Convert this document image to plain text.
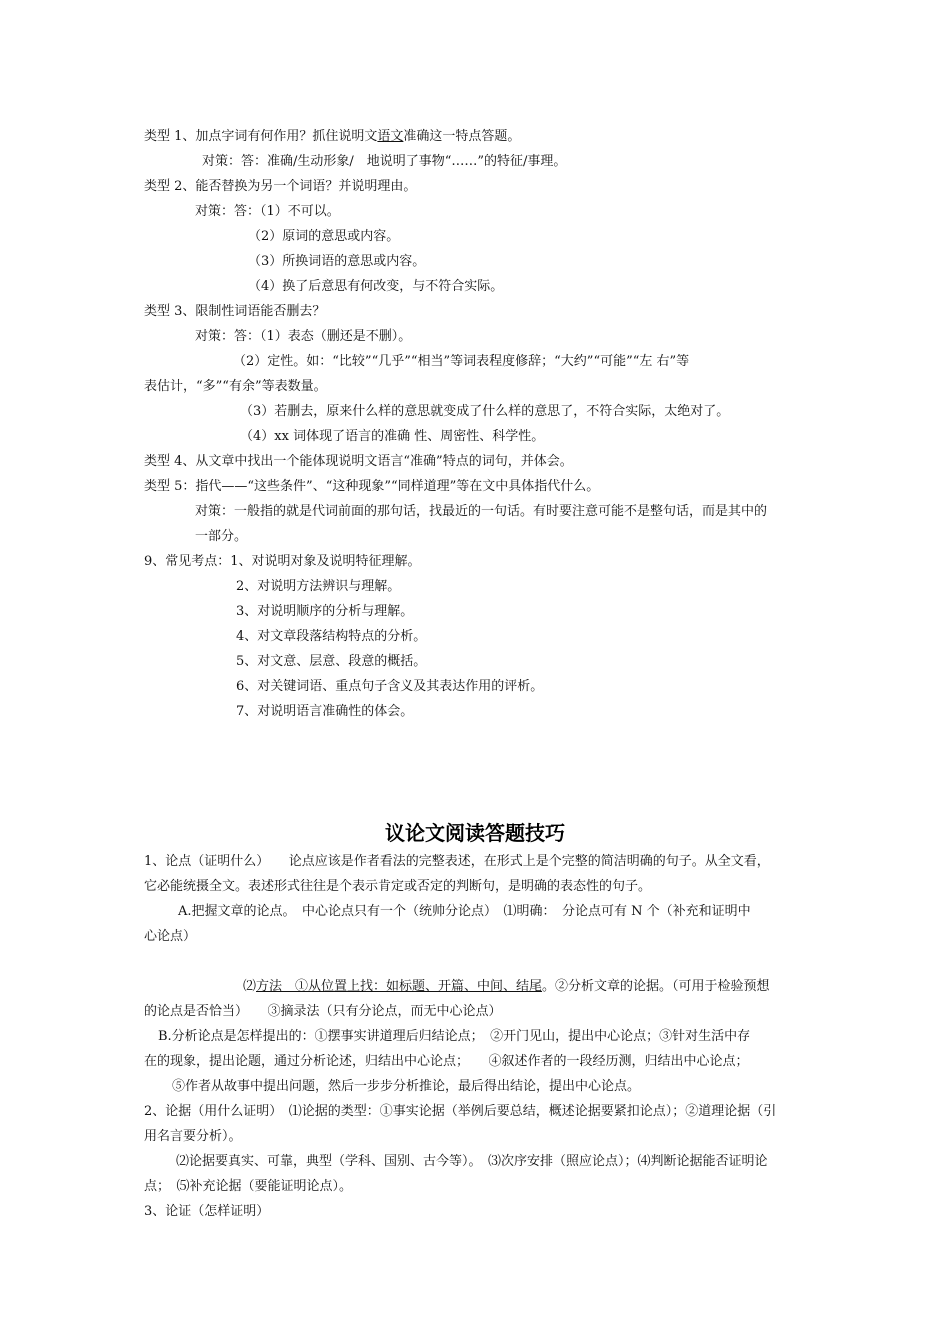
类型 1、加点字词有何作用？抓住说明文语文准确这一特点答题。
对策：答：准确/生动形象/　地说明了事物“……”的特征/事理。
类型 2、能否替换为另一个词语？并说明理由。
对策：答：（1）不可以。
（2）原词的意思或内容。
（3）所换词语的意思或内容。
（4）换了后意思有何改变，与不符合实际。
类型 3、限制性词语能否删去？
对策：答：（1）表态（删还是不删）。
（2）定性。如：“比较”“几乎”“相当”等词表程度修辞；“大约”“可能”“左 右”等
表估计，“多”“有余”等表数量。
（3）若删去，原来什么样的意思就变成了什么样的意思了，不符合实际，太绝对了。
（4）xx 词体现了语言的准确 性、周密性、科学性。
类型 4、从文章中找出一个能体现说明文语言“准确”特点的词句，并体会。
类型 5：指代——“这些条件”、“这种现象”“同样道理”等在文中具体指代什么。
对策：一般指的就是代词前面的那句话，找最近的一句话。有时要注意可能不是整句话，而是其中的
一部分。
9、常见考点：1、对说明对象及说明特征理解。
2、对说明方法辨识与理解。
3、对说明顺序的分析与理解。
4、对文章段落结构特点的分析。
5、对文意、层意、段意的概括。
6、对关键词语、重点句子含义及其表达作用的评析。
7、对说明语言准确性的体会。
议论文阅读答题技巧
1、论点（证明什么）　　论点应该是作者看法的完整表述，在形式上是个完整的简洁明确的句子。从全文看，
它必能统摄全文。表述形式往往是个表示肯定或否定的判断句，是明确的表态性的句子。
A.把握文章的论点。　中心论点只有一个（统帅分论点）　⑴明确：　分论点可有 N 个（补充和证明中
心论点）
⑵方法　①从位置上找：如标题、开篇、中间、结尾。②分析文章的论据。（可用于检验预想
的论点是否恰当）　　③摘录法（只有分论点，而无中心论点）
B.分析论点是怎样提出的：①摆事实讲道理后归结论点；　②开门见山，提出中心论点；③针对生活中存
在的现象，提出论题，通过分析论述，归结出中心论点；　　④叙述作者的一段经历测，归结出中心论点；
⑤作者从故事中提出问题，然后一步步分析推论，最后得出结论，提出中心论点。
2、论据（用什么证明）　⑴论据的类型：①事实论据（举例后要总结，概述论据要紧扣论点）；②道理论据（引
用名言要分析）。
⑵论据要真实、可靠，典型（学科、国别、古今等）。　⑶次序安排（照应论点）；⑷判断论据能否证明论
点；　⑸补充论据（要能证明论点）。
3、论证（怎样证明）
